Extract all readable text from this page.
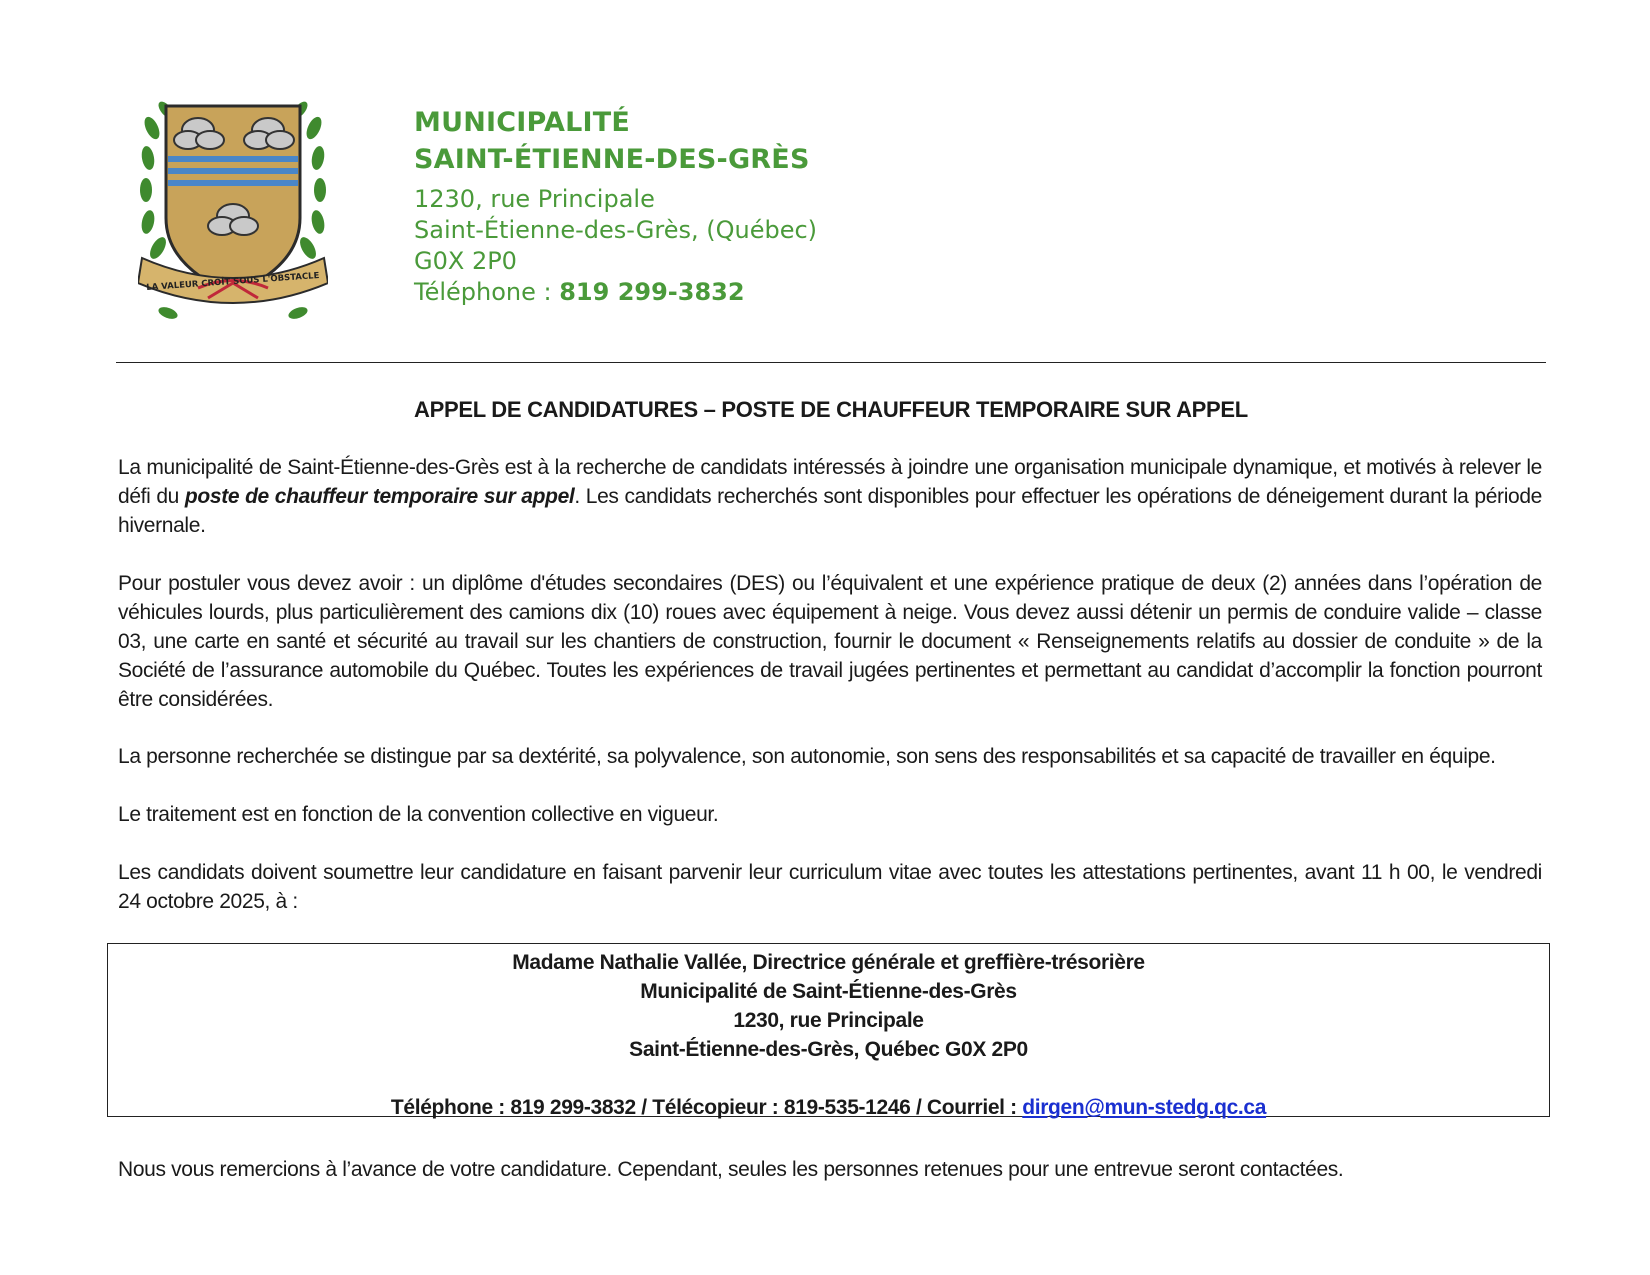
LA VALEUR CROÎT SOUS L'OBSTACLE
MUNICIPALITÉ
SAINT-ÉTIENNE-DES-GRÈS
1230, rue Principale
Saint-Étienne-des-Grès, (Québec)
G0X 2P0
Téléphone : 819 299-3832
APPEL DE CANDIDATURES – POSTE DE CHAUFFEUR TEMPORAIRE SUR APPEL
La municipalité de Saint-Étienne-des-Grès est à la recherche de candidats intéressés à joindre une organisation municipale dynamique, et motivés à relever le défi du poste de chauffeur temporaire sur appel. Les candidats recherchés sont disponibles pour effectuer les opérations de déneigement durant la période hivernale.
Pour postuler vous devez avoir : un diplôme d'études secondaires (DES) ou l’équivalent et une expérience pratique de deux (2) années dans l’opération de véhicules lourds, plus particulièrement des camions dix (10) roues avec équipement à neige. Vous devez aussi détenir un permis de conduire valide – classe 03, une carte en santé et sécurité au travail sur les chantiers de construction, fournir le document « Renseignements relatifs au dossier de conduite » de la Société de l’assurance automobile du Québec. Toutes les expériences de travail jugées pertinentes et permettant au candidat d’accomplir la fonction pourront être considérées.
La personne recherchée se distingue par sa dextérité, sa polyvalence, son autonomie, son sens des responsabilités et sa capacité de travailler en équipe.
Le traitement est en fonction de la convention collective en vigueur.
Les candidats doivent soumettre leur candidature en faisant parvenir leur curriculum vitae avec toutes les attestations pertinentes, avant 11 h 00, le vendredi 24 octobre 2025, à :
Madame Nathalie Vallée, Directrice générale et greffière-trésorière
Municipalité de Saint-Étienne-des-Grès
1230, rue Principale
Saint-Étienne-des-Grès, Québec G0X 2P0
Téléphone : 819 299-3832 / Télécopieur : 819-535-1246 / Courriel : dirgen@mun-stedg.qc.ca
Nous vous remercions à l’avance de votre candidature. Cependant, seules les personnes retenues pour une entrevue seront contactées.
